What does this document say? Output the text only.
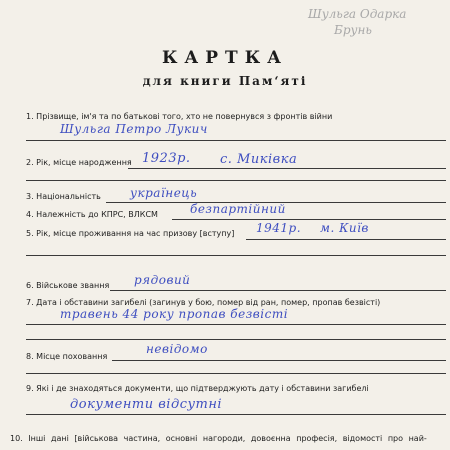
Шульга Одарка
Брунь
КАРТКА
для книги Пам‘яті
1. Прізвище, ім'я та по батькові того, хто не повернувся з фронтів війни
Шульга Петро Лукич
2. Рік, місце народження 1923р. с. Миківка
3. Національність українець
4. Належність до КПРС, ВЛКСМ	безпартійний
5. Рік, місце проживання на час призову [вступу] 1941р. м. Київ
6. Військове звання рядовий
7. Дата і обставини загибелі (загинув у бою, помер від ран, помер, пропав безвісті)
травень 44 року пропав безвісті
8. Місце поховання
невідомо
9. Які і де знаходяться документи, що підтверджують дату і обставини загибелі
документи відсутні
10. Інші дані [військова частина, основні нагороди, довоєнна професія, відомості про най-
